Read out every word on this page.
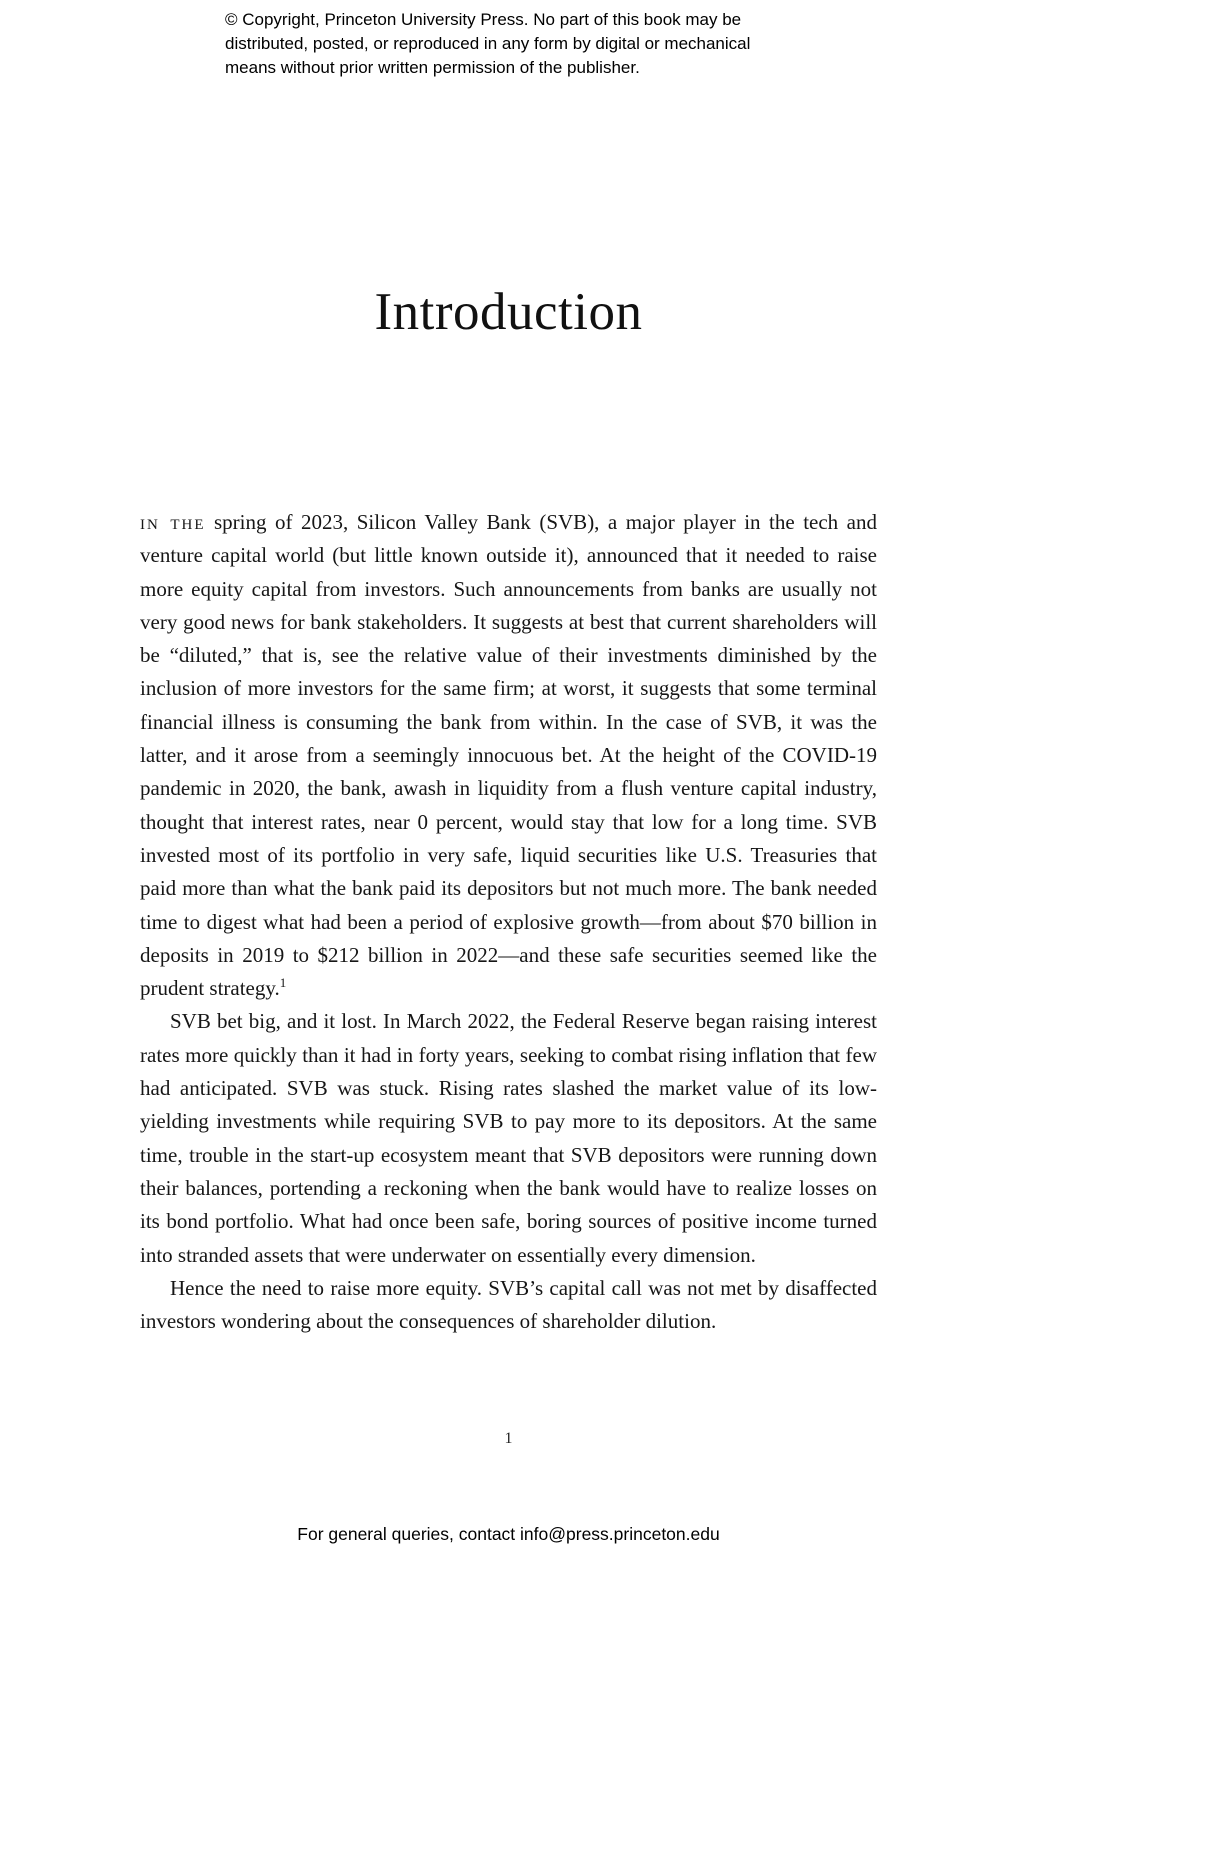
© Copyright, Princeton University Press. No part of this book may be
distributed, posted, or reproduced in any form by digital or mechanical
means without prior written permission of the publisher.
Introduction

in the spring of 2023, Silicon Valley Bank (SVB), a major player in the tech and venture capital world (but little known outside it), announced that it needed to raise more equity capital from investors. Such announcements from banks are usually not very good news for bank stakeholders. It suggests at best that current shareholders will be “diluted,” that is, see the relative value of their investments diminished by the inclusion of more investors for the same firm; at worst, it suggests that some terminal financial illness is consuming the bank from within. In the case of SVB, it was the latter, and it arose from a seemingly innocuous bet. At the height of the COVID-19 pandemic in 2020, the bank, awash in liquidity from a flush venture capital industry, thought that interest rates, near 0 percent, would stay that low for a long time. SVB invested most of its portfolio in very safe, liquid securities like U.S. Treasuries that paid more than what the bank paid its depositors but not much more. The bank needed time to digest what had been a period of explosive growth—from about $70 billion in deposits in 2019 to $212 billion in 2022—and these safe securities seemed like the prudent strategy.$^1$

SVB bet big, and it lost. In March 2022, the Federal Reserve began raising interest rates more quickly than it had in forty years, seeking to combat rising inflation that few had anticipated. SVB was stuck. Rising rates slashed the market value of its low-yielding investments while requiring SVB to pay more to its depositors. At the same time, trouble in the start-up ecosystem meant that SVB depositors were running down their balances, portending a reckoning when the bank would have to realize losses on its bond portfolio. What had once been safe, boring sources of positive income turned into stranded assets that were underwater on essentially every dimension.

Hence the need to raise more equity. SVB’s capital call was not met by disaffected investors wondering about the consequences of shareholder dilution.

1
For general queries, contact info@press.princeton.edu
